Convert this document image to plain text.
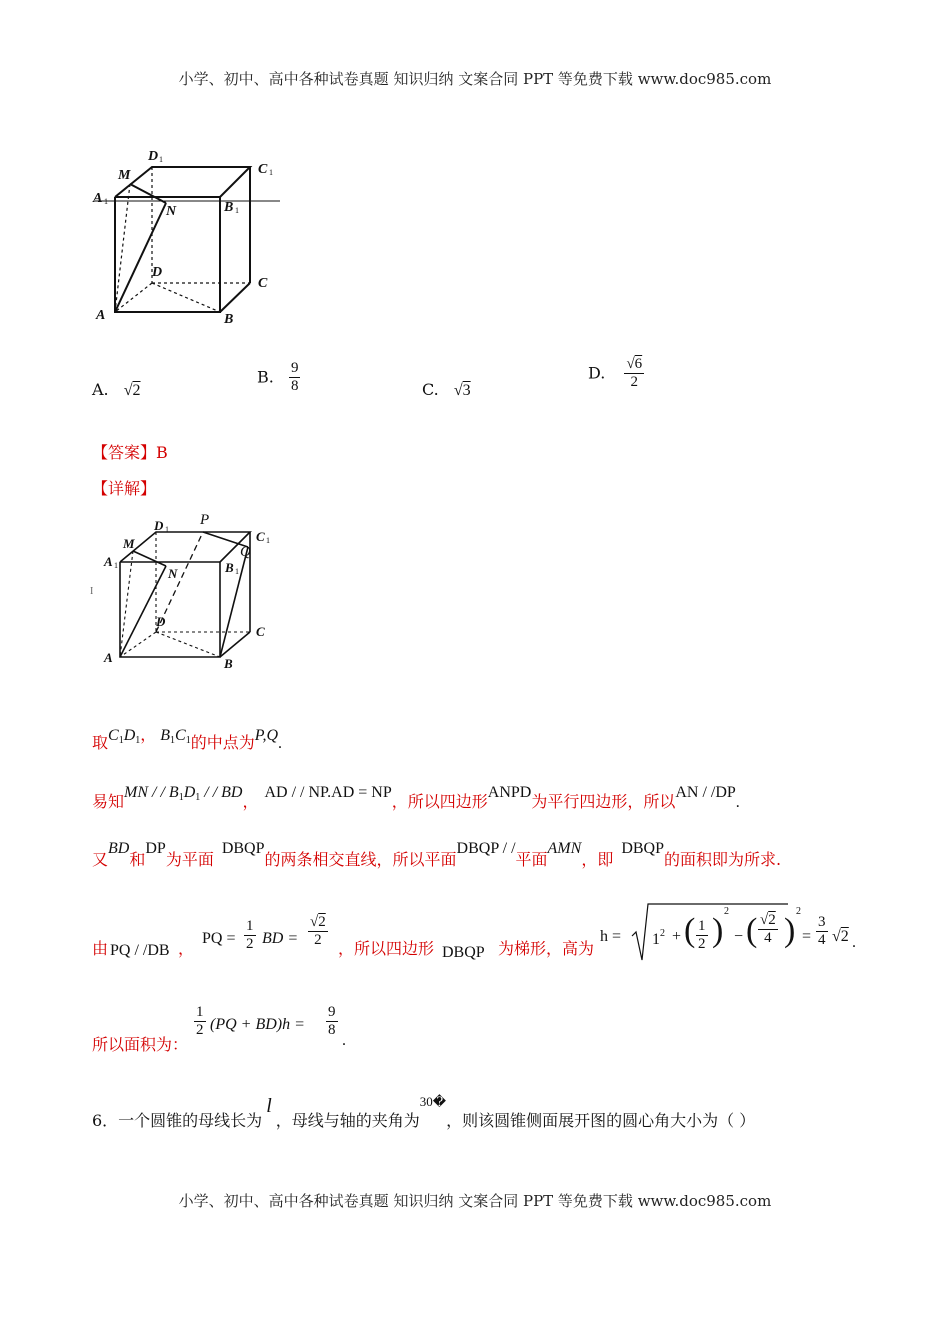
小学、初中、高中各种试卷真题 知识归纳 文案合同 PPT 等免费下载 www.doc985.com
M
D
C
A
N	B
D
C
A	B
1
1
1
1
A. √2
B. $\frac{9}{8}$	C. √3
D. $\frac{√6}{2}$
【答案】B
【详解】
P
Q
M
D
C
A
N	B
D
C
A	B
1
1
1
1
I
取$C_1D_1$， $B_1C_1$的中点为P,Q.
易知MN / / $B_1D_1$ / / BD， AD / / NP.AD = NP，所以四边形ANPD为平行四边形，所以AN / /DP.
又BD和DP为平面DBQP的两条相交直线，所以平面DBQP / /平面AMN，即DBQP的面积即为所求.
由 PQ / /DB ，
PQ = $\frac{1}{2}$ BD = $\frac{√2}{2}$
，所以四边形 DBQP 为梯形，高为
$h = 1^2$ + ( $\frac{1}{2}$ )
2
− ( $\frac{√2}{4}$ )
2
= $\frac{3}{4} √2$ .
所以面积为：
$\frac{1}{2} (PQ + BD)h = \frac{9}{8}$
.
6．一个圆锥的母线长为l，母线与轴的夹角为$^{30�}$，则该圆锥侧面展开图的圆心角大小为（ ）
小学、初中、高中各种试卷真题 知识归纳 文案合同 PPT 等免费下载 www.doc985.com
